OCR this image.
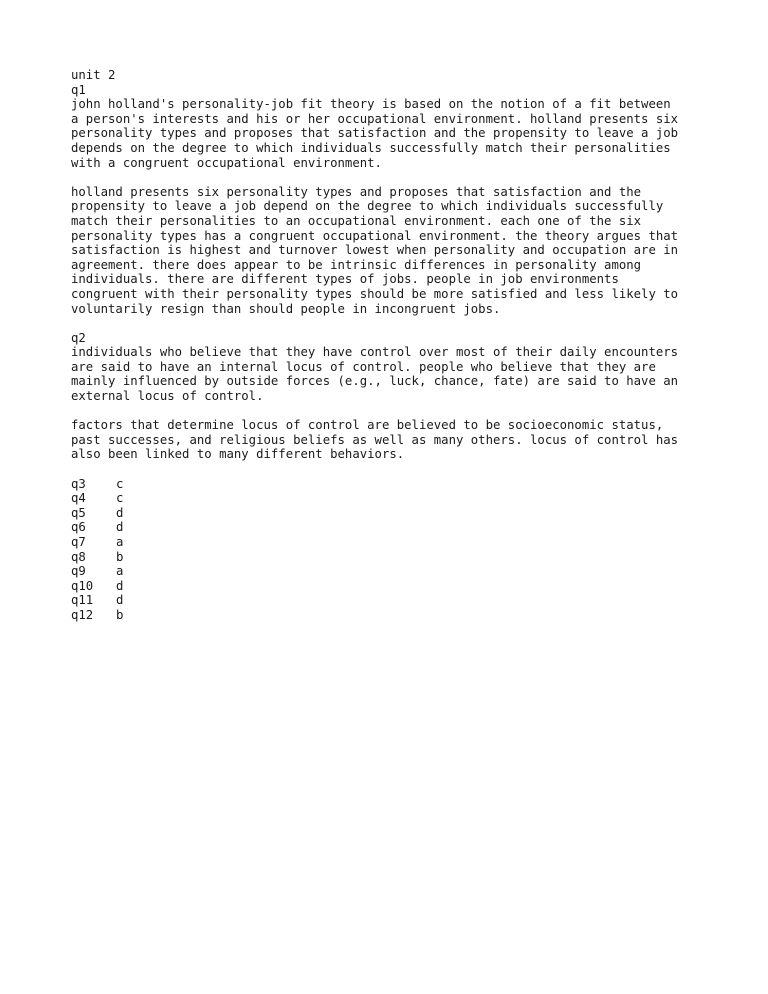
unit 2
q1
john holland's personality-job fit theory is based on the notion of a fit between
a person's interests and his or her occupational environment. holland presents six
personality types and proposes that satisfaction and the propensity to leave a job
depends on the degree to which individuals successfully match their personalities
with a congruent occupational environment.
holland presents six personality types and proposes that satisfaction and the
propensity to leave a job depend on the degree to which individuals successfully
match their personalities to an occupational environment. each one of the six
personality types has a congruent occupational environment. the theory argues that
satisfaction is highest and turnover lowest when personality and occupation are in
agreement. there does appear to be intrinsic differences in personality among
individuals. there are different types of jobs. people in job environments
congruent with their personality types should be more satisfied and less likely to
voluntarily resign than should people in incongruent jobs.
q2
individuals who believe that they have control over most of their daily encounters
are said to have an internal locus of control. people who believe that they are
mainly influenced by outside forces (e.g., luck, chance, fate) are said to have an
external locus of control.
factors that determine locus of control are believed to be socioeconomic status,
past successes, and religious beliefs as well as many others. locus of control has
also been linked to many different behaviors.
q3	c
q4	c
q5	d
q6	d
q7	a
q8	b
q9	a
q10	d
q11	d
q12	b
